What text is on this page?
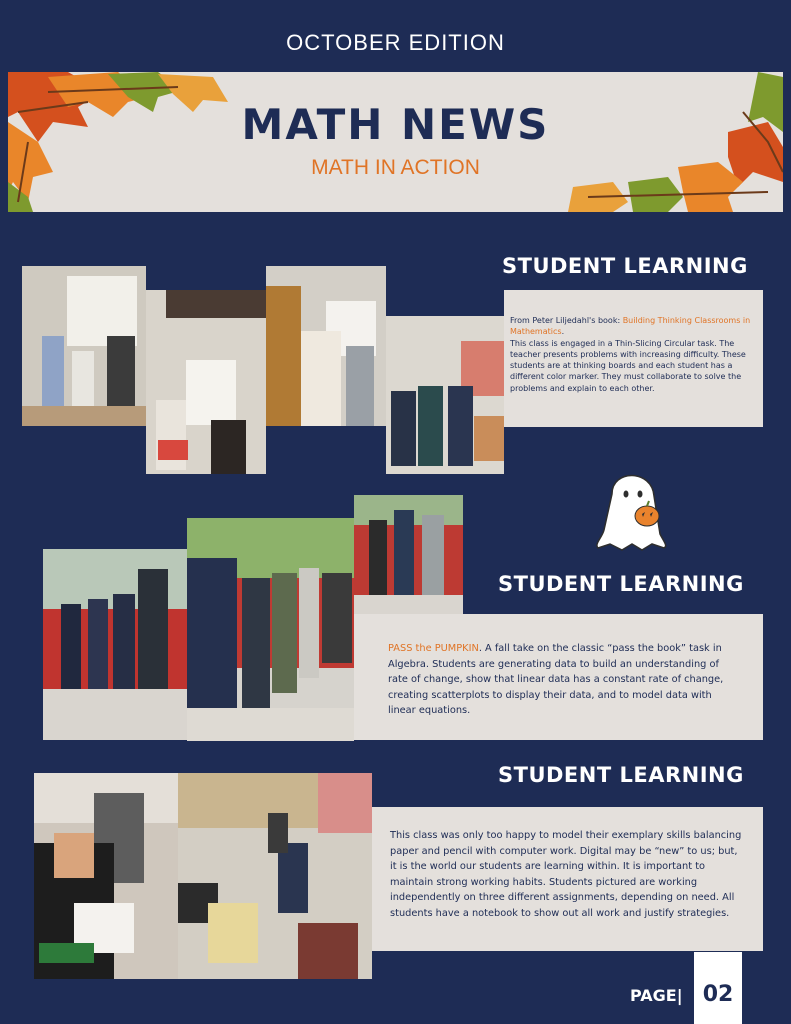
OCTOBER EDITION
MATH NEWS
MATH IN ACTION
STUDENT LEARNING
From Peter Liljedahl's book: Building Thinking Classrooms in Mathematics.
This class is engaged in a Thin-Slicing Circular task. The teacher presents problems with increasing difficulty. These students are at thinking boards and each student has a different color marker. They must collaborate to solve the problems and explain to each other.
STUDENT LEARNING
PASS the PUMPKIN. A fall take on the classic “pass the book” task in Algebra. Students are generating data to build an understanding of rate of change, show that linear data has a constant rate of change, creating scatterplots to display their data, and to model data with linear equations.
STUDENT LEARNING
This class was only too happy to model their exemplary skills balancing paper and pencil with computer work. Digital may be “new” to us; but, it is the world our students are learning within. It is important to maintain strong working habits. Students pictured are working independently on three different assignments, depending on need. All students have a notebook to show out all work and justify strategies.
PAGE| 02
